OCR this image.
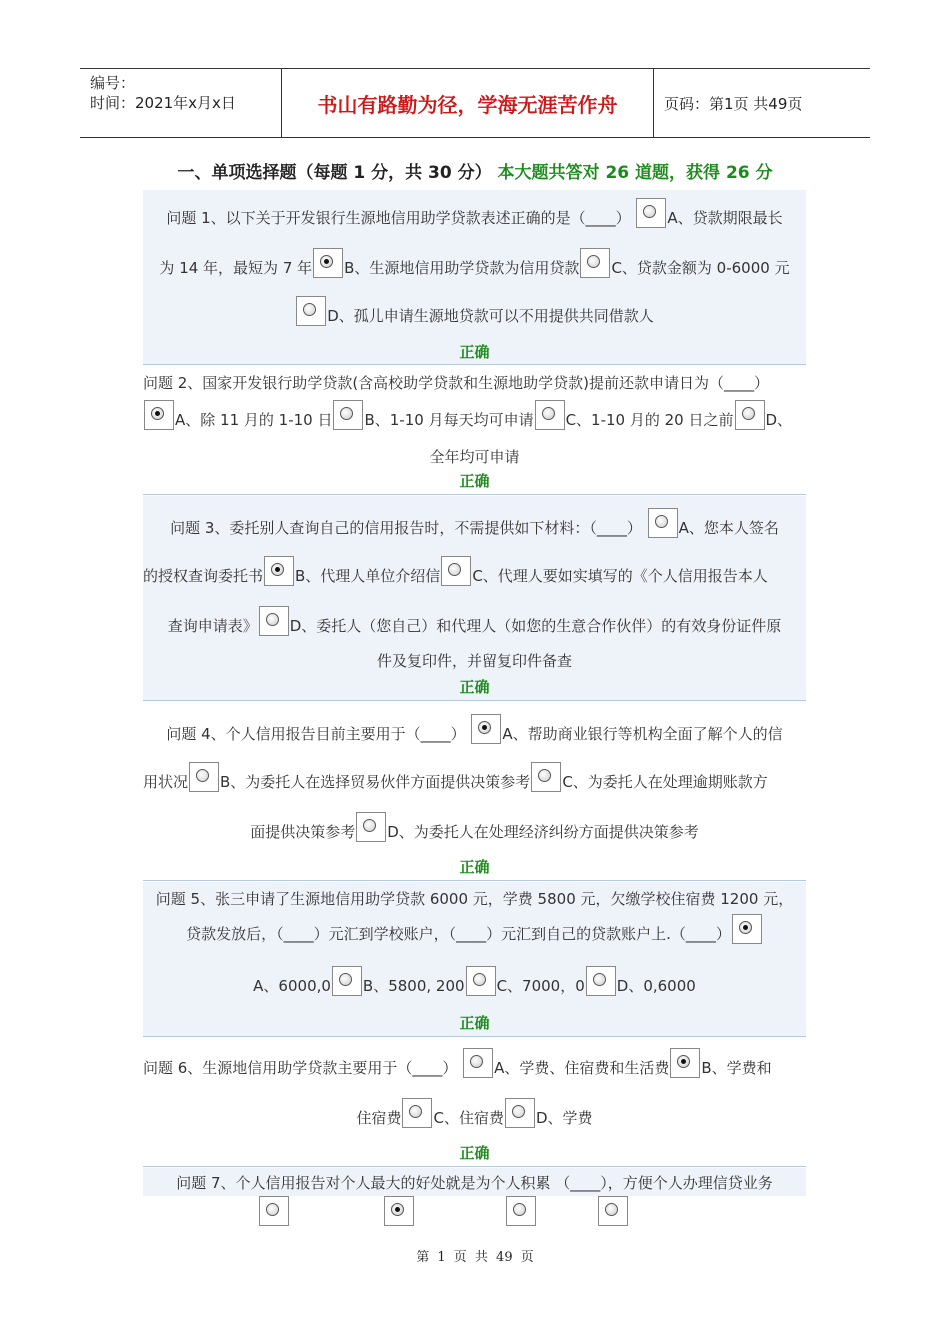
编号：
时间：2021年x月x日	书山有路勤为径，学海无涯苦作舟	页码：第1页 共49页
一、单项选择题（每题 1 分，共 30 分） 本大题共答对 26 道题，获得 26 分
问题 1、以下关于开发银行生源地信用助学贷款表述正确的是（____） A、贷款期限最长
为 14 年，最短为 7 年 B、生源地信用助学贷款为信用贷款 C、贷款金额为 0-6000 元
D、孤儿申请生源地贷款可以不用提供共同借款人
正确
问题 2、国家开发银行助学贷款(含高校助学贷款和生源地助学贷款)提前还款申请日为（____）
A、除 11 月的 1-10 日 B、1-10 月每天均可申请 C、1-10 月的 20 日之前 D、
全年均可申请
正确
问题 3、委托别人查询自己的信用报告时，不需提供如下材料：（____） A、您本人签名
的授权查询委托书 B、代理人单位介绍信 C、代理人要如实填写的《个人信用报告本人
查询申请表》 D、委托人（您自己）和代理人（如您的生意合作伙伴）的有效身份证件原
件及复印件，并留复印件备查
正确
问题 4、个人信用报告目前主要用于（____） A、帮助商业银行等机构全面了解个人的信
用状况 B、为委托人在选择贸易伙伴方面提供决策参考 C、为委托人在处理逾期账款方
面提供决策参考 D、为委托人在处理经济纠纷方面提供决策参考
正确
问题 5、张三申请了生源地信用助学贷款 6000 元，学费 5800 元，欠缴学校住宿费 1200 元，
贷款发放后，（____）元汇到学校账户，（____）元汇到自己的贷款账户上.（____）
A、6000,0 B、5800, 200 C、7000，0 D、0,6000
正确
问题 6、生源地信用助学贷款主要用于（____） A、学费、住宿费和生活费 B、学费和
住宿费 C、住宿费 D、学费
正确
问题 7、个人信用报告对个人最大的好处就是为个人积累 （____），方便个人办理信贷业务
第 1 页 共 49 页
